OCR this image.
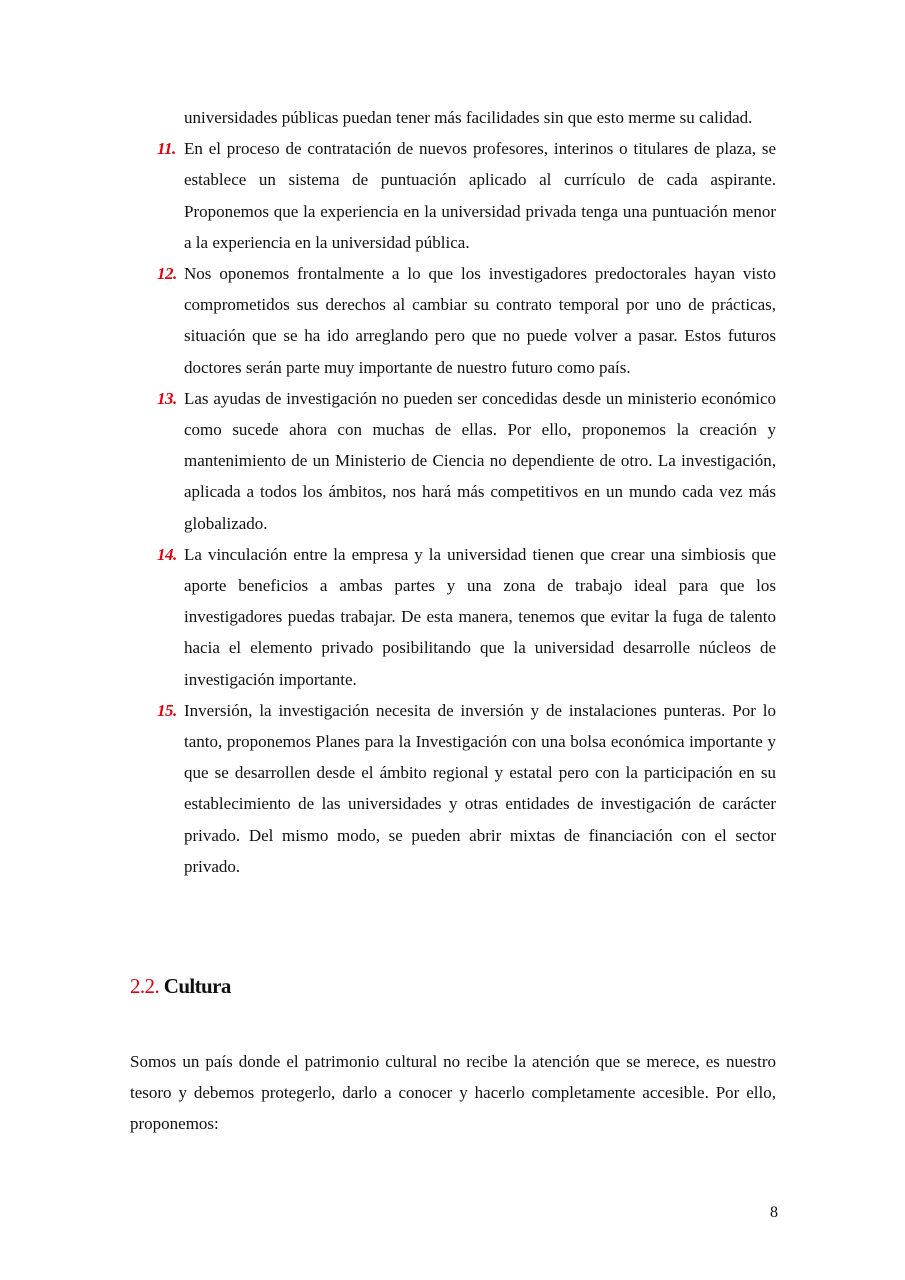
universidades públicas puedan tener más facilidades sin que esto merme su calidad.
11. En el proceso de contratación de nuevos profesores, interinos o titulares de plaza, se establece un sistema de puntuación aplicado al currículo de cada aspirante. Proponemos que la experiencia en la universidad privada tenga una puntuación menor a la experiencia en la universidad pública.
12. Nos oponemos frontalmente a lo que los investigadores predoctorales hayan visto comprometidos sus derechos al cambiar su contrato temporal por uno de prácticas, situación que se ha ido arreglando pero que no puede volver a pasar. Estos futuros doctores serán parte muy importante de nuestro futuro como país.
13. Las ayudas de investigación no pueden ser concedidas desde un ministerio económico como sucede ahora con muchas de ellas. Por ello, proponemos la creación y mantenimiento de un Ministerio de Ciencia no dependiente de otro. La investigación, aplicada a todos los ámbitos, nos hará más competitivos en un mundo cada vez más globalizado.
14. La vinculación entre la empresa y la universidad tienen que crear una simbiosis que aporte beneficios a ambas partes y una zona de trabajo ideal para que los investigadores puedas trabajar. De esta manera, tenemos que evitar la fuga de talento hacia el elemento privado posibilitando que la universidad desarrolle núcleos de investigación importante.
15. Inversión, la investigación necesita de inversión y de instalaciones punteras. Por lo tanto, proponemos Planes para la Investigación con una bolsa económica importante y que se desarrollen desde el ámbito regional y estatal pero con la participación en su establecimiento de las universidades y otras entidades de investigación de carácter privado. Del mismo modo, se pueden abrir mixtas de financiación con el sector privado.
2.2. Cultura
Somos un país donde el patrimonio cultural no recibe la atención que se merece, es nuestro tesoro y debemos protegerlo, darlo a conocer y hacerlo completamente accesible. Por ello, proponemos:
8
